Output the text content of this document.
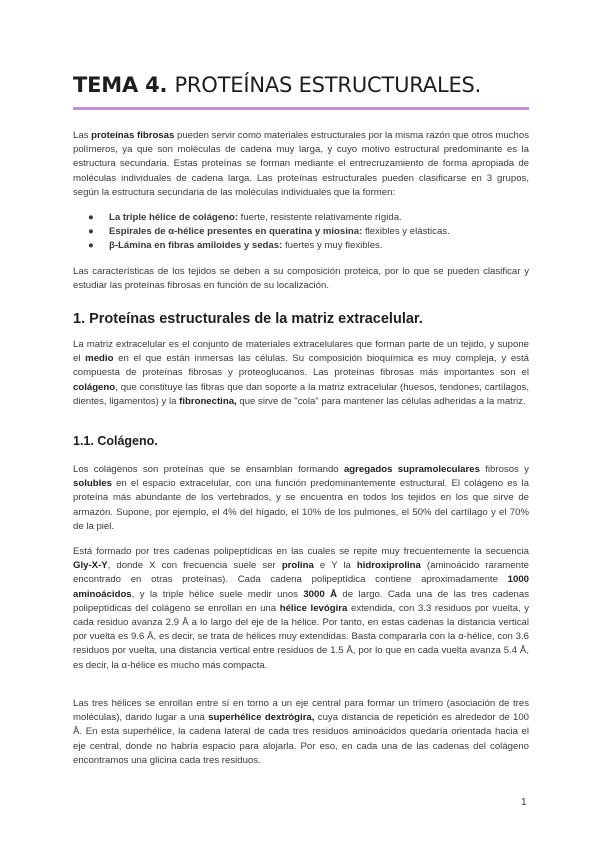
TEMA 4. PROTEÍNAS ESTRUCTURALES.

Las proteínas fibrosas pueden servir como materiales estructurales por la misma razón que otros muchos polímeros, ya que son moléculas de cadena muy larga, y cuyo motivo estructural predominante es la estructura secundaria. Estas proteínas se forman mediante el entrecruzamiento de forma apropiada de moléculas individuales de cadena larga. Las proteínas estructurales pueden clasificarse en 3 grupos, según la estructura secundaria de las moléculas individuales que la formen:

● La triple hélice de colágeno: fuerte, resistente relativamente rígida.
● Espirales de α-hélice presentes en queratina y miosina: flexibles y elásticas.
● β-Lámina en fibras amiloides y sedas: fuertes y muy flexibles.

Las características de los tejidos se deben a su composición proteica, por lo que se pueden clasificar y estudiar las proteínas fibrosas en función de su localización.

1. Proteínas estructurales de la matriz extracelular.

La matriz extracelular es el conjunto de materiales extracelulares que forman parte de un tejido, y supone el medio en el que están inmersas las células. Su composición bioquímica es muy compleja, y está compuesta de proteínas fibrosas y proteoglucanos. Las proteínas fibrosas más importantes son el colágeno, que constituye las fibras que dan soporte a la matriz extracelular (huesos, tendones, cartílagos, dientes, ligamentos) y la fibronectina, que sirve de "cola" para mantener las células adheridas a la matriz.

1.1. Colágeno.

Los colágenos son proteínas que se ensamblan formando agregados supramoleculares fibrosos y solubles en el espacio extracelular, con una función predominantemente estructural. El colágeno es la proteína más abundante de los vertebrados, y se encuentra en todos los tejidos en los que sirve de armazón. Supone, por ejemplo, el 4% del hígado, el 10% de los pulmones, el 50% del cartílago y el 70% de la piel.

Está formado por tres cadenas polipeptídicas en las cuales se repite muy frecuentemente la secuencia Gly-X-Y, donde X con frecuencia suele ser prolina e Y la hidroxiprolina (aminoácido raramente encontrado en otras proteínas). Cada cadena polipeptídica contiene aproximadamente 1000 aminoácidos, y la triple hélice suele medir unos 3000 Å de largo. Cada una de las tres cadenas polipeptídicas del colágeno se enrollan en una hélice levógira extendida, con 3.3 residuos por vuelta, y cada residuo avanza 2.9 Å a lo largo del eje de la hélice. Por tanto, en estas cadenas la distancia vertical por vuelta es 9.6 Å, es decir, se trata de hélices muy extendidas. Basta compararla con la α-hélice, con 3.6 residuos por vuelta, una distancia vertical entre residuos de 1.5 Å, por lo que en cada vuelta avanza 5.4 Å, es decir, la α-hélice es mucho más compacta.

Las tres hélices se enrollan entre sí en torno a un eje central para formar un trímero (asociación de tres moléculas), dando lugar a una superhélice dextrógira, cuya distancia de repetición es alrededor de 100 Å. En esta superhélice, la cadena lateral de cada tres residuos aminoácidos quedaría orientada hacia el eje central, donde no habría espacio para alojarla. Por eso, en cada una de las cadenas del colágeno encontramos una glicina cada tres residuos.

1
